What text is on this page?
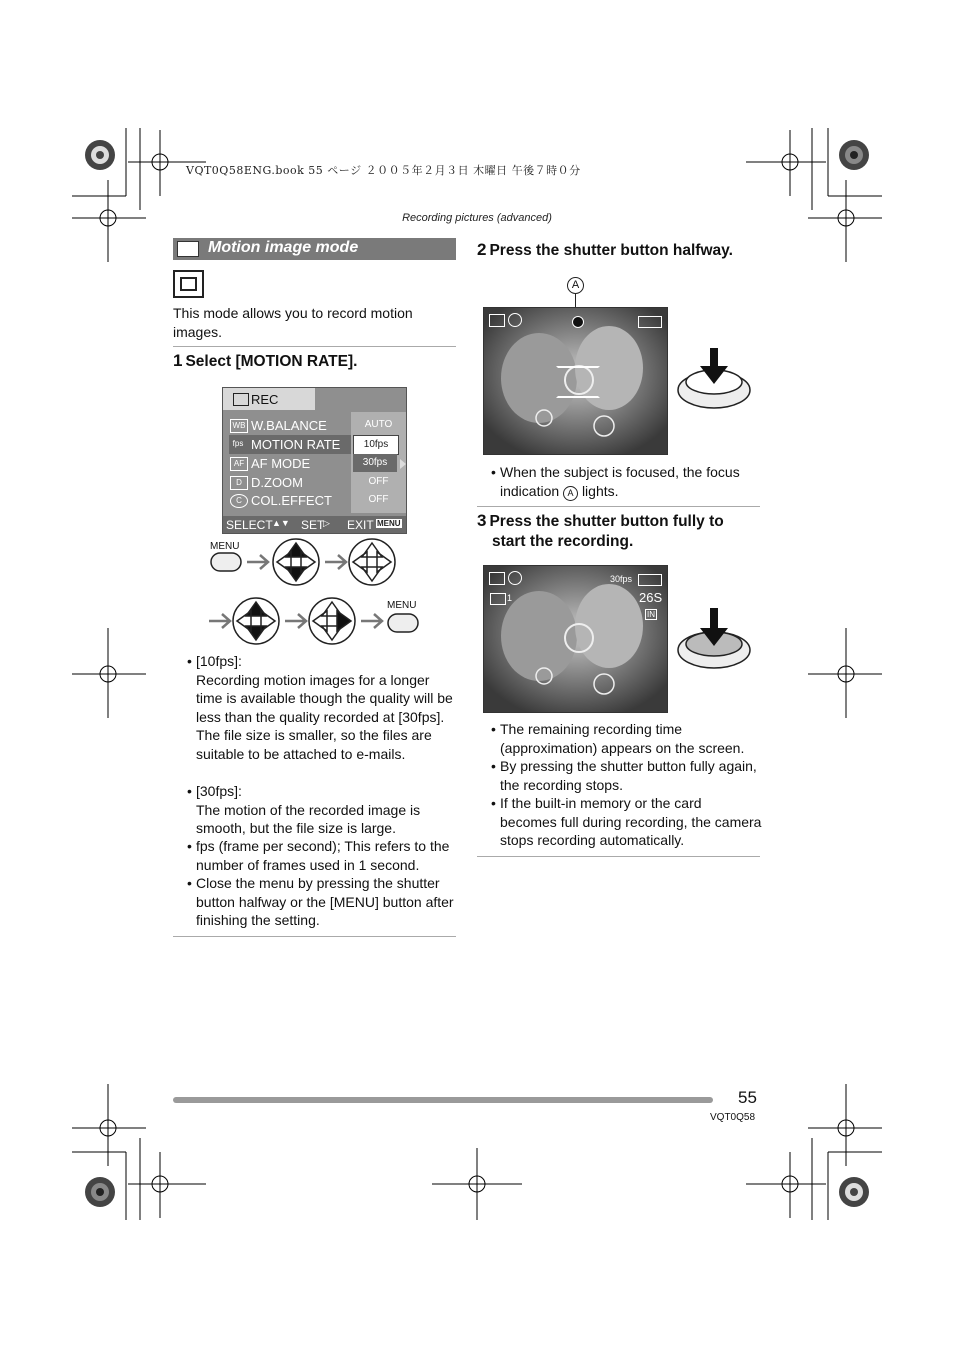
VQT0Q58ENG.book 55 ページ ２００５年２月３日 木曜日 午後７時０分
Recording pictures (advanced)
Motion image mode
This mode allows you to record motion images.
1 Select [MOTION RATE].
REC
WB W.BALANCE	AUTO
fps MOTION RATE	10fps
AF AF MODE	30fps
D D.ZOOM	OFF
C COL.EFFECT	OFF
SELECT ▲▼ SET
▷ EXIT MENU
MENU
MENU
• [10fps]:
Recording motion images for a longer time is available though the quality will be less than the quality recorded at [30fps]. The file size is smaller, so the files are suitable to be attached to e-mails.
• [30fps]:
The motion of the recorded image is smooth, but the file size is large.
• fps (frame per second); This refers to the number of frames used in 1 second.
• Close the menu by pressing the shutter button halfway or the [MENU] button after finishing the setting.
2 Press the shutter button halfway.
A
• When the subject is focused, the focus indication A lights.
3 Press the shutter button fully to
start the recording.
30fps
1	26S
IN
• The remaining recording time (approximation) appears on the screen.
• By pressing the shutter button fully again, the recording stops.
• If the built-in memory or the card becomes full during recording, the camera stops recording automatically.
55
VQT0Q58
